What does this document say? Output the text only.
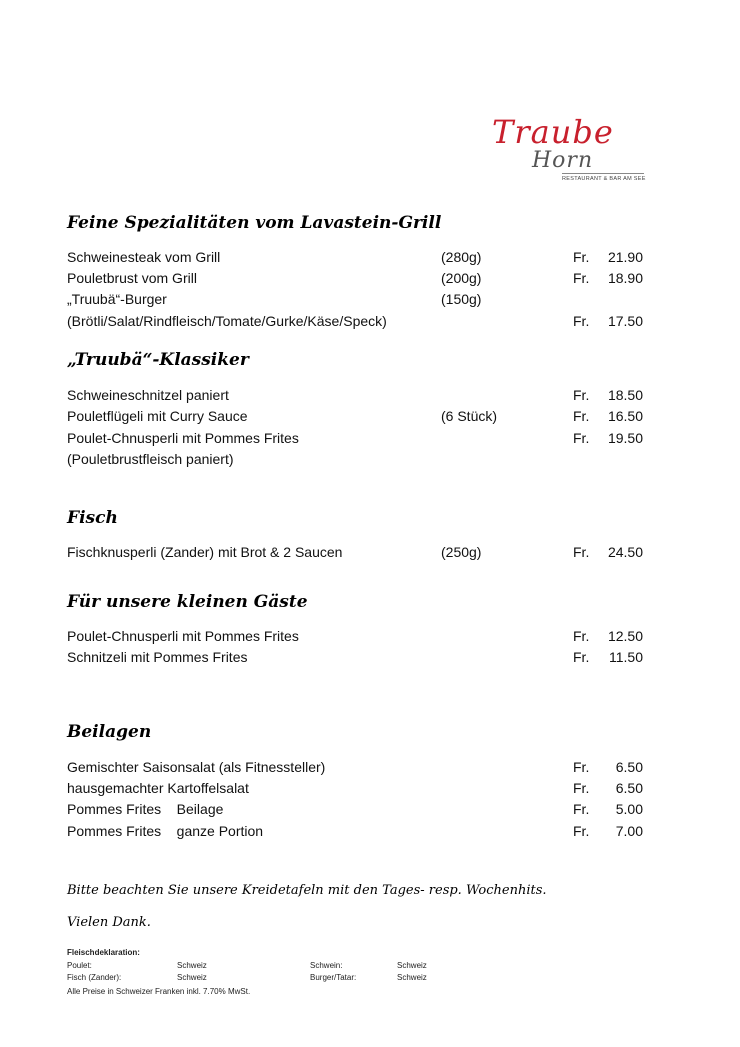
Traube
Horn
RESTAURANT & BAR AM SEE
Feine Spezialitäten vom Lavastein-Grill
Schweinesteak vom Grill	(280g)	Fr. 21.90
Pouletbrust vom Grill	(200g)	Fr. 18.90
„Truubä“-Burger	(150g)
(Brötli/Salat/Rindfleisch/Tomate/Gurke/Käse/Speck)	Fr. 17.50
„Truubä“-Klassiker
Schweineschnitzel paniert	Fr. 18.50
Pouletflügeli mit Curry Sauce	(6 Stück)	Fr. 16.50
Poulet-Chnusperli mit Pommes Frites	Fr. 19.50
(Pouletbrustfleisch paniert)
Fisch
Fischknusperli (Zander) mit Brot & 2 Saucen	(250g)	Fr. 24.50
Für unsere kleinen Gäste
Poulet-Chnusperli mit Pommes Frites	Fr. 12.50
Schnitzeli mit Pommes Frites	Fr. 11.50
Beilagen
Gemischter Saisonsalat (als Fitnessteller)	Fr. 6.50
hausgemachter Kartoffelsalat	Fr. 6.50
Pommes Frites    Beilage	Fr. 5.00
Pommes Frites    ganze Portion	Fr. 7.00
Bitte beachten Sie unsere Kreidetafeln mit den Tages- resp. Wochenhits.
Vielen Dank.
Fleischdeklaration:
Poulet:	Schweiz	Schwein:	Schweiz
Fisch (Zander):	Schweiz	Burger/Tatar:	Schweiz
Alle Preise in Schweizer Franken inkl. 7.70% MwSt.
